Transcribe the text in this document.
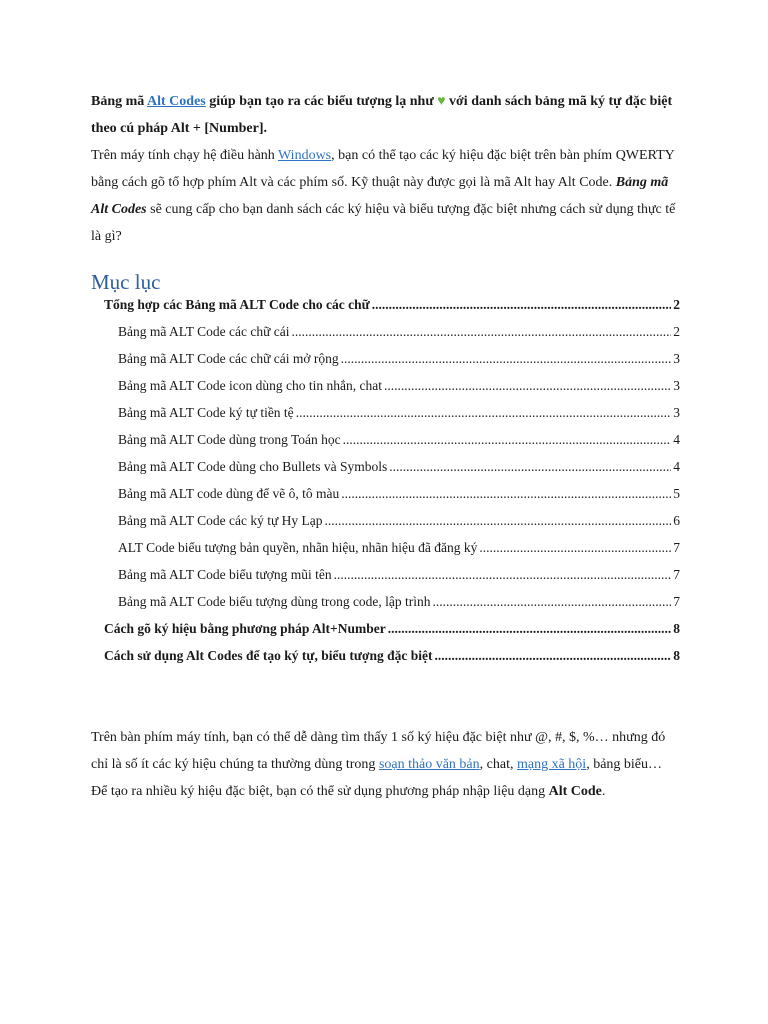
Bảng mã Alt Codes giúp bạn tạo ra các biểu tượng lạ như ♥ với danh sách bảng mã ký tự đặc biệt theo cú pháp Alt + [Number].

Trên máy tính chạy hệ điều hành Windows, bạn có thể tạo các ký hiệu đặc biệt trên bàn phím QWERTY bằng cách gõ tổ hợp phím Alt và các phím số. Kỹ thuật này được gọi là mã Alt hay Alt Code. Bảng mã Alt Codes sẽ cung cấp cho bạn danh sách các ký hiệu và biểu tượng đặc biệt nhưng cách sử dụng thực tế là gì?

Mục lục
Tổng hợp các Bảng mã ALT Code cho các chữ .....	2
Bảng mã ALT Code các chữ cái .....	2
Bảng mã ALT Code các chữ cái mở rộng .....	3
Bảng mã ALT Code icon dùng cho tin nhắn, chat .....	3
Bảng mã ALT Code ký tự tiền tệ .....	3
Bảng mã ALT Code dùng trong Toán học .....	4
Bảng mã ALT Code dùng cho Bullets và Symbols .....	4
Bảng mã ALT code dùng để vẽ ô, tô màu .....	5
Bảng mã ALT Code các ký tự Hy Lạp .....	6
ALT Code biểu tượng bản quyền, nhãn hiệu, nhãn hiệu đã đăng ký .....	7
Bảng mã ALT Code biểu tượng mũi tên .....	7
Bảng mã ALT Code biểu tượng dùng trong code, lập trình .....	7
Cách gõ ký hiệu bằng phương pháp Alt+Number .....	8
Cách sử dụng Alt Codes để tạo ký tự, biểu tượng đặc biệt .....	8

Trên bàn phím máy tính, bạn có thể dễ dàng tìm thấy 1 số ký hiệu đặc biệt như @, #, $, %… nhưng đó chỉ là số ít các ký hiệu chúng ta thường dùng trong soạn thảo văn bản, chat, mạng xã hội, bảng biểu… Để tạo ra nhiều ký hiệu đặc biệt, bạn có thể sử dụng phương pháp nhập liệu dạng Alt Code.
